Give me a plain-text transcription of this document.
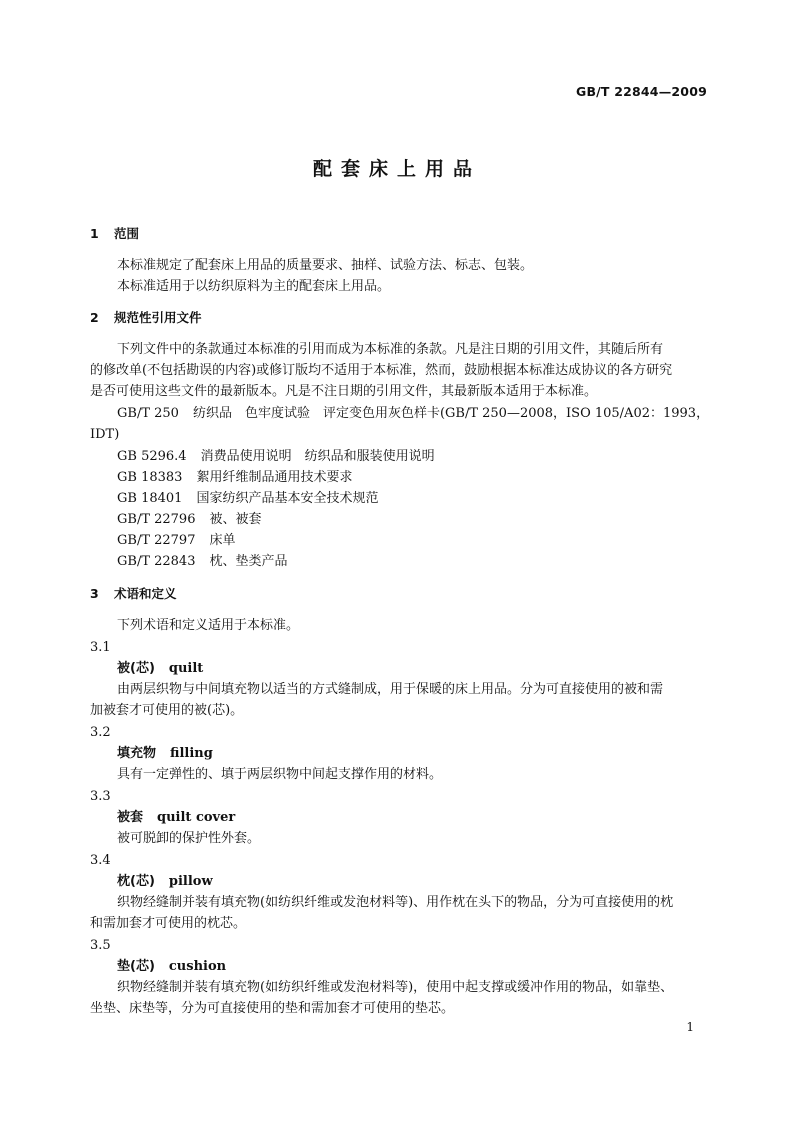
GB/T 22844—2009
配套床上用品
1 范围
本标准规定了配套床上用品的质量要求、抽样、试验方法、标志、包装。
本标准适用于以纺织原料为主的配套床上用品。
2 规范性引用文件
下列文件中的条款通过本标准的引用而成为本标准的条款。凡是注日期的引用文件，其随后所有
的修改单(不包括勘误的内容)或修订版均不适用于本标准，然而，鼓励根据本标准达成协议的各方研究
是否可使用这些文件的最新版本。凡是不注日期的引用文件，其最新版本适用于本标准。
GB/T 250 纺织品　色牢度试验　评定变色用灰色样卡(GB/T 250—2008，ISO 105/A02：1993，
IDT)
GB 5296.4 消费品使用说明　纺织品和服装使用说明
GB 18383 絮用纤维制品通用技术要求
GB 18401 国家纺织产品基本安全技术规范
GB/T 22796 被、被套
GB/T 22797 床单
GB/T 22843 枕、垫类产品
3 术语和定义
下列术语和定义适用于本标准。
3.1
被(芯) quilt
由两层织物与中间填充物以适当的方式缝制成，用于保暖的床上用品。分为可直接使用的被和需
加被套才可使用的被(芯)。
3.2
填充物 filling
具有一定弹性的、填于两层织物中间起支撑作用的材料。
3.3
被套 quilt cover
被可脱卸的保护性外套。
3.4
枕(芯) pillow
织物经缝制并装有填充物(如纺织纤维或发泡材料等)、用作枕在头下的物品，分为可直接使用的枕
和需加套才可使用的枕芯。
3.5
垫(芯) cushion
织物经缝制并装有填充物(如纺织纤维或发泡材料等)，使用中起支撑或缓冲作用的物品，如靠垫、
坐垫、床垫等，分为可直接使用的垫和需加套才可使用的垫芯。
1
